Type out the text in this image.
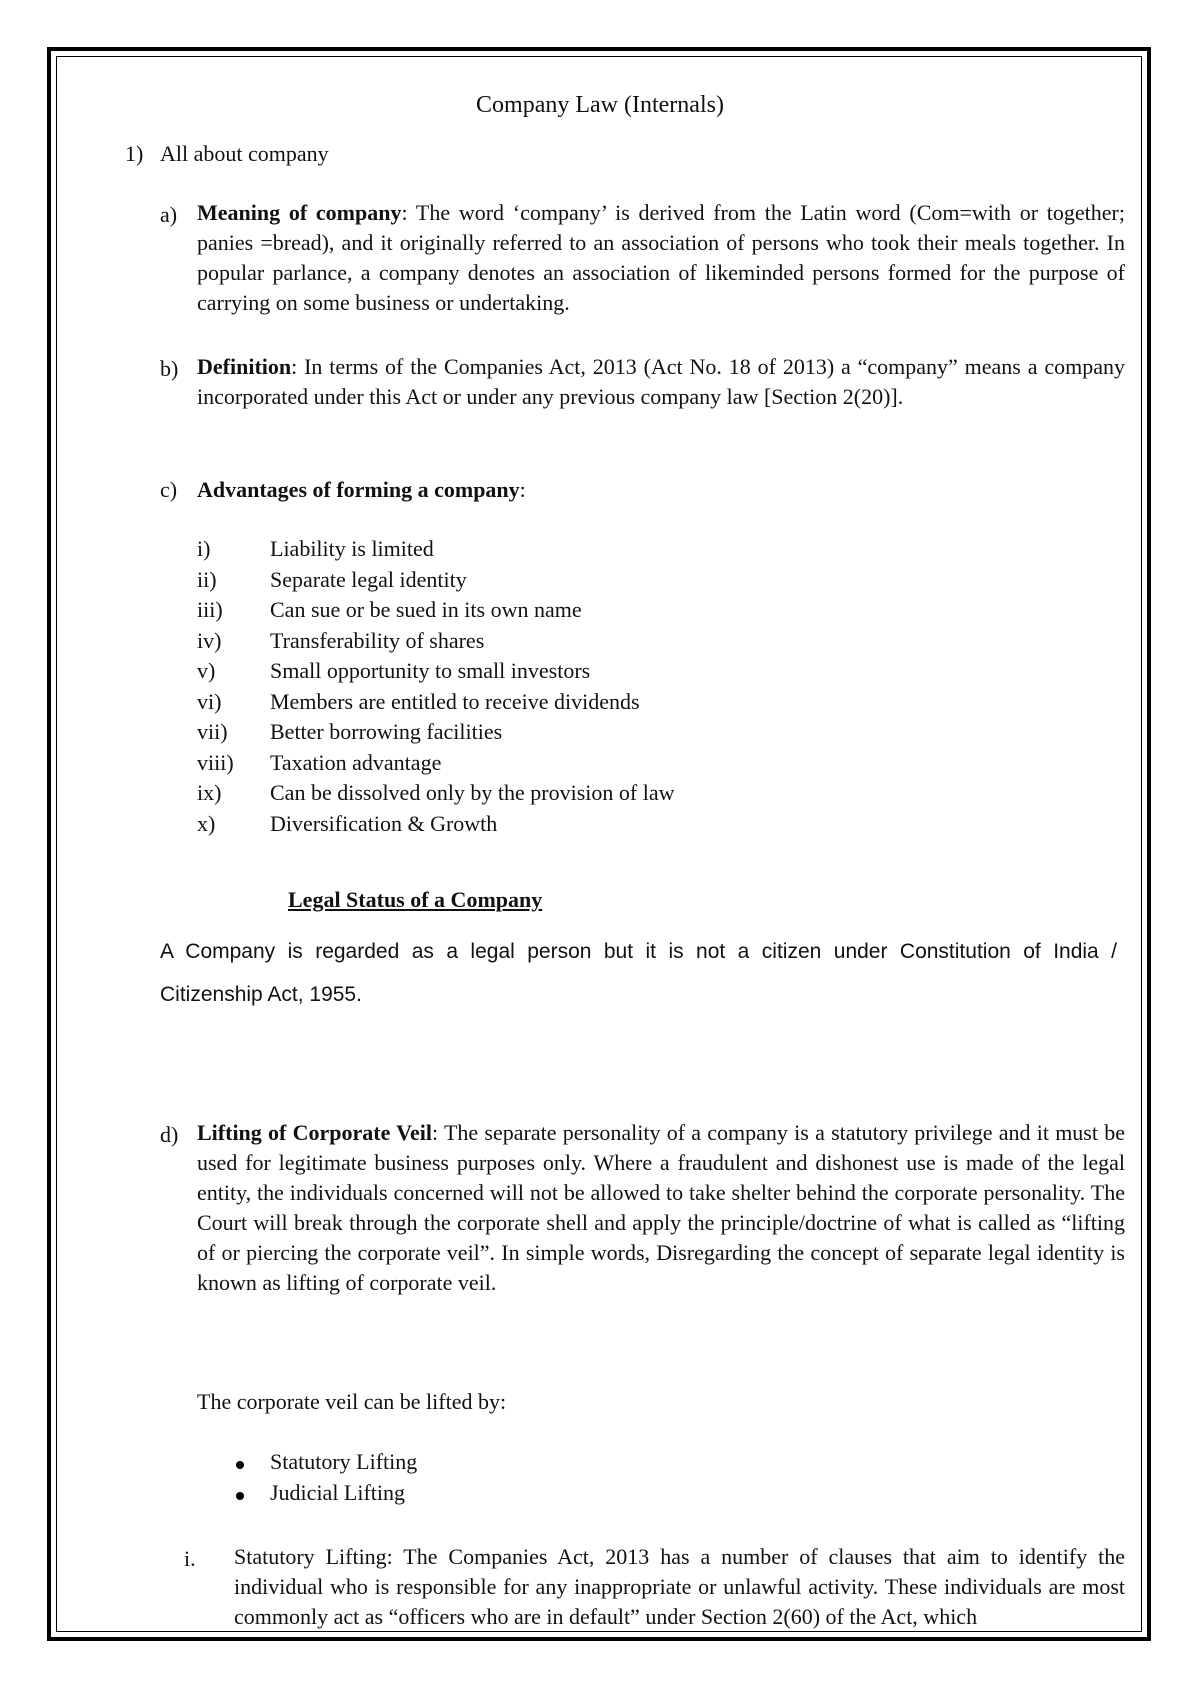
Company Law (Internals)
1) All about company
a) Meaning of company: The word ‘company’ is derived from the Latin word (Com=with or together; panies =bread), and it originally referred to an association of persons who took their meals together. In popular parlance, a company denotes an association of likeminded persons formed for the purpose of carrying on some business or undertaking.
b) Definition: In terms of the Companies Act, 2013 (Act No. 18 of 2013) a “company” means a company incorporated under this Act or under any previous company law [Section 2(20)].
c) Advantages of forming a company:
i)	Liability is limited
ii) Separate legal identity
iii) Can sue or be sued in its own name
iv) Transferability of shares
v) Small opportunity to small investors
vi) Members are entitled to receive dividends
vii) Better borrowing facilities
viii) Taxation advantage
ix) Can be dissolved only by the provision of law
x) Diversification & Growth
Legal Status of a Company
A Company is regarded as a legal person but it is not a citizen under Constitution of India /
Citizenship Act, 1955.
d) Lifting of Corporate Veil: The separate personality of a company is a statutory privilege and it must be used for legitimate business purposes only. Where a fraudulent and dishonest use is made of the legal entity, the individuals concerned will not be allowed to take shelter behind the corporate personality. The Court will break through the corporate shell and apply the principle/doctrine of what is called as “lifting of or piercing the corporate veil”. In simple words, Disregarding the concept of separate legal identity is known as lifting of corporate veil.
The corporate veil can be lifted by:
Statutory Lifting
Judicial Lifting
i. Statutory Lifting: The Companies Act, 2013 has a number of clauses that aim to identify the individual who is responsible for any inappropriate or unlawful activity. These individuals are most commonly act as “officers who are in default” under Section 2(60) of the Act, which
